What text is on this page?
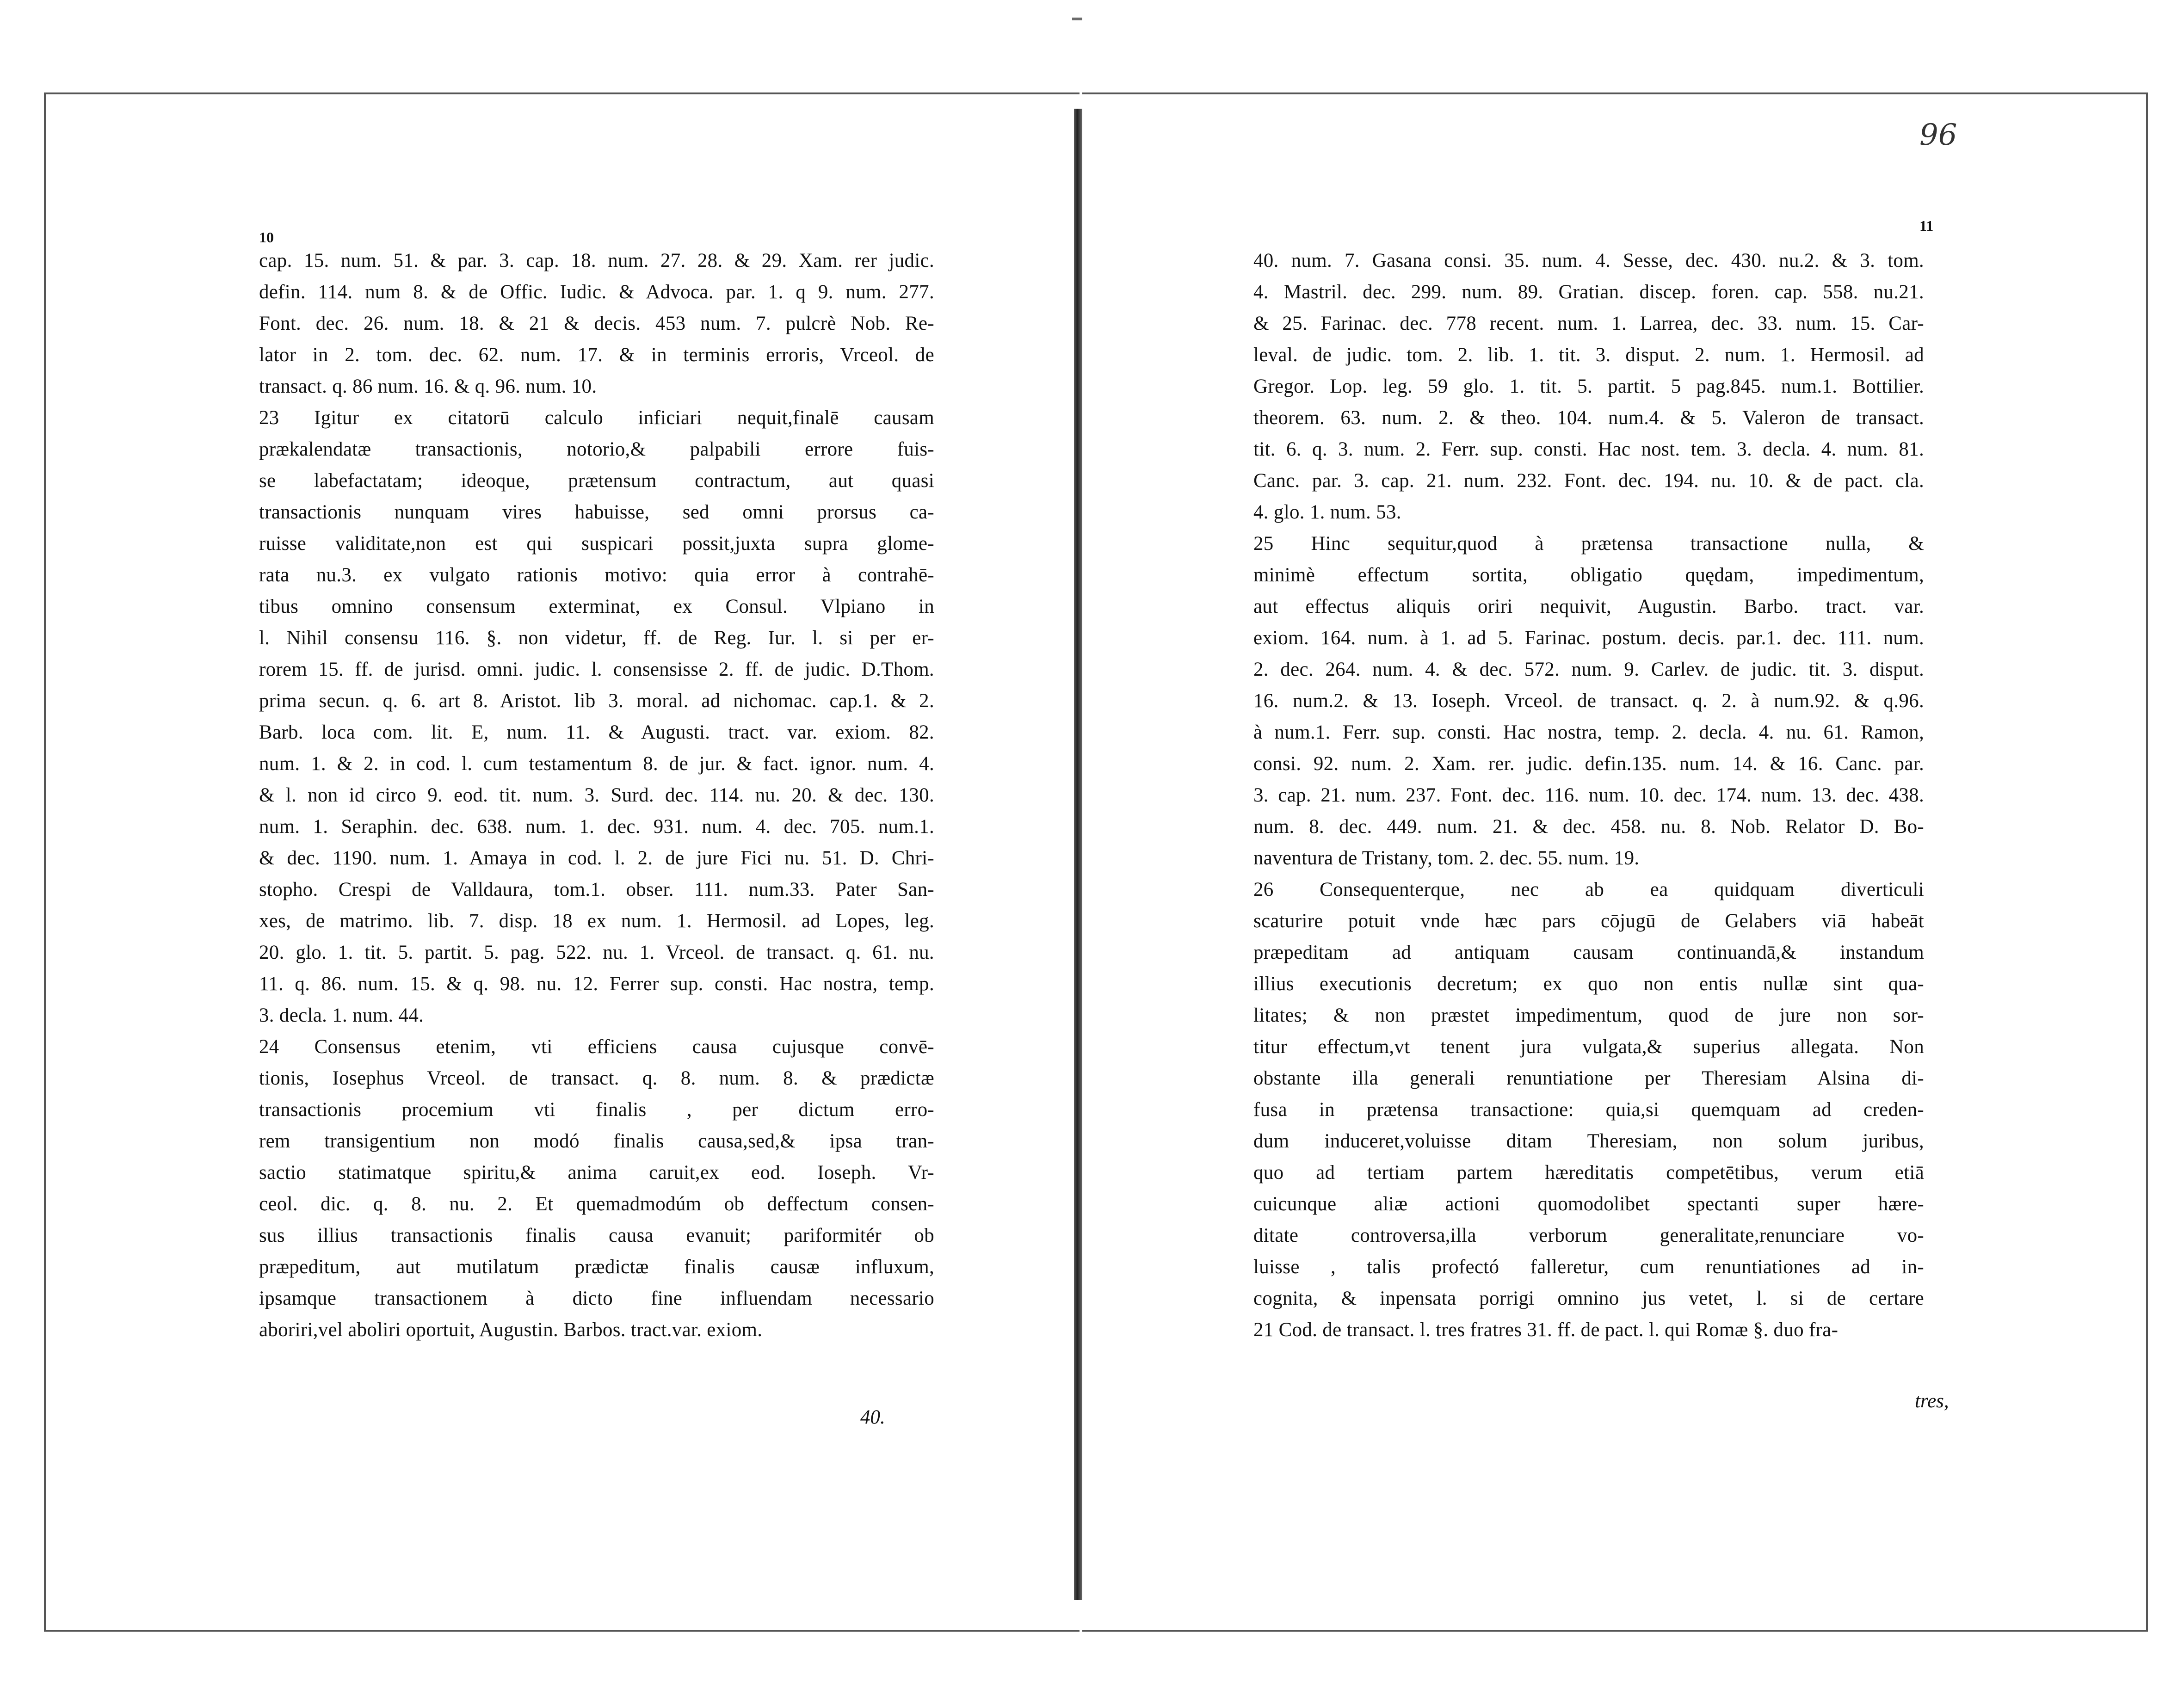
96
10
11
cap. 15. num. 51. & par. 3. cap. 18. num. 27. 28. & 29. Xam. rer judic.
defin. 114. num 8. & de Offic. Iudic. & Advoca. par. 1. q 9. num. 277.
Font. dec. 26. num. 18. & 21 & decis. 453 num. 7. pulcrè Nob. Re-
lator in 2. tom. dec. 62. num. 17. & in terminis erroris, Vrceol. de
transact. q. 86 num. 16. & q. 96. num. 10.
23 Igitur ex citatorū calculo inficiari nequit,finalē causam
prækalendatæ transactionis, notorio,& palpabili errore fuis-
se labefactatam; ideoque, prætensum contractum, aut quasi
transactionis nunquam vires habuisse, sed omni prorsus ca-
ruisse validitate,non est qui suspicari possit,juxta supra glome-
rata nu.3. ex vulgato rationis motivo: quia error à contrahē-
tibus omnino consensum exterminat, ex Consul. Vlpiano in
l. Nihil consensu 116. §. non videtur, ff. de Reg. Iur. l. si per er-
rorem 15. ff. de jurisd. omni. judic. l. consensisse 2. ff. de judic. D.Thom.
prima secun. q. 6. art 8. Aristot. lib 3. moral. ad nichomac. cap.1. & 2.
Barb. loca com. lit. E, num. 11. & Augusti. tract. var. exiom. 82.
num. 1. & 2. in cod. l. cum testamentum 8. de jur. & fact. ignor. num. 4.
& l. non id circo 9. eod. tit. num. 3. Surd. dec. 114. nu. 20. & dec. 130.
num. 1. Seraphin. dec. 638. num. 1. dec. 931. num. 4. dec. 705. num.1.
& dec. 1190. num. 1. Amaya in cod. l. 2. de jure Fici nu. 51. D. Chri-
stopho. Crespi de Valldaura, tom.1. obser. 111. num.33. Pater San-
xes, de matrimo. lib. 7. disp. 18 ex num. 1. Hermosil. ad Lopes, leg.
20. glo. 1. tit. 5. partit. 5. pag. 522. nu. 1. Vrceol. de transact. q. 61. nu.
11. q. 86. num. 15. & q. 98. nu. 12. Ferrer sup. consti. Hac nostra, temp.
3. decla. 1. num. 44.
24 Consensus etenim, vti efficiens causa cujusque convē-
tionis, Iosephus Vrceol. de transact. q. 8. num. 8. & prædictæ
transactionis procemium vti finalis , per dictum erro-
rem transigentium non modó finalis causa,sed,& ipsa tran-
sactio statimatque spiritu,& anima caruit,ex eod. Ioseph. Vr-
ceol. dic. q. 8. nu. 2. Et quemadmodúm ob deffectum consen-
sus illius transactionis finalis causa evanuit; pariformitér ob
præpeditum, aut mutilatum prædictæ finalis causæ influxum,
ipsamque transactionem à dicto fine influendam necessario
aboriri,vel aboliri oportuit, Augustin. Barbos. tract.var. exiom.
40. num. 7. Gasana consi. 35. num. 4. Sesse, dec. 430. nu.2. & 3. tom.
4. Mastril. dec. 299. num. 89. Gratian. discep. foren. cap. 558. nu.21.
& 25. Farinac. dec. 778 recent. num. 1. Larrea, dec. 33. num. 15. Car-
leval. de judic. tom. 2. lib. 1. tit. 3. disput. 2. num. 1. Hermosil. ad
Gregor. Lop. leg. 59 glo. 1. tit. 5. partit. 5 pag.845. num.1. Bottilier.
theorem. 63. num. 2. & theo. 104. num.4. & 5. Valeron de transact.
tit. 6. q. 3. num. 2. Ferr. sup. consti. Hac nost. tem. 3. decla. 4. num. 81.
Canc. par. 3. cap. 21. num. 232. Font. dec. 194. nu. 10. & de pact. cla.
4. glo. 1. num. 53.
25 Hinc sequitur,quod à prætensa transactione nulla, &
minimè effectum sortita, obligatio quędam, impedimentum,
aut effectus aliquis oriri nequivit, Augustin. Barbo. tract. var.
exiom. 164. num. à 1. ad 5. Farinac. postum. decis. par.1. dec. 111. num.
2. dec. 264. num. 4. & dec. 572. num. 9. Carlev. de judic. tit. 3. disput.
16. num.2. & 13. Ioseph. Vrceol. de transact. q. 2. à num.92. & q.96.
à num.1. Ferr. sup. consti. Hac nostra, temp. 2. decla. 4. nu. 61. Ramon,
consi. 92. num. 2. Xam. rer. judic. defin.135. num. 14. & 16. Canc. par.
3. cap. 21. num. 237. Font. dec. 116. num. 10. dec. 174. num. 13. dec. 438.
num. 8. dec. 449. num. 21. & dec. 458. nu. 8. Nob. Relator D. Bo-
naventura de Tristany, tom. 2. dec. 55. num. 19.
26 Consequenterque, nec ab ea quidquam diverticuli
scaturire potuit vnde hæc pars cōjugū de Gelabers viā habeāt
præpeditam ad antiquam causam continuandā,& instandum
illius executionis decretum; ex quo non entis nullæ sint qua-
litates; & non præstet impedimentum, quod de jure non sor-
titur effectum,vt tenent jura vulgata,& superius allegata. Non
obstante illa generali renuntiatione per Theresiam Alsina di-
fusa in prætensa transactione: quia,si quemquam ad creden-
dum induceret,voluisse ditam Theresiam, non solum juribus,
quo ad tertiam partem hæreditatis competētibus, verum etiā
cuicunque aliæ actioni quomodolibet spectanti super hære-
ditate controversa,illa verborum generalitate,renunciare vo-
luisse , talis profectó falleretur, cum renuntiationes ad in-
cognita, & inpensata porrigi omnino jus vetet, l. si de certare
21 Cod. de transact. l. tres fratres 31. ff. de pact. l. qui Romæ §. duo fra-
40.
tres,
